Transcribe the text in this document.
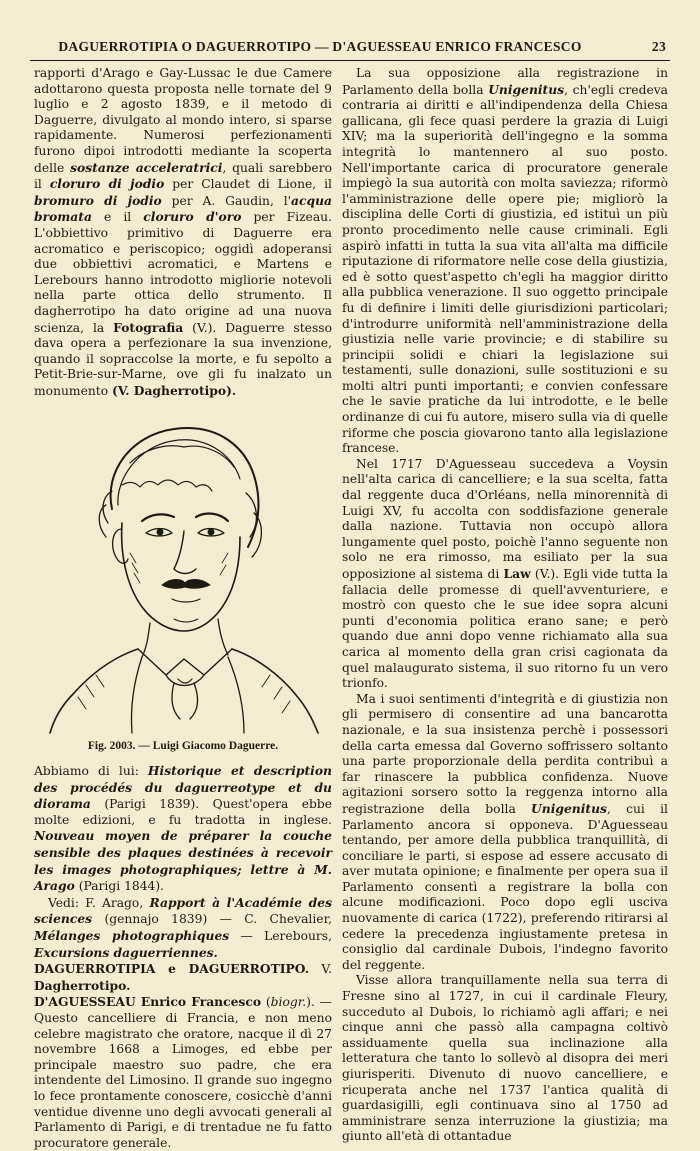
DAGUERROTIPIA O DAGUERROTIPO — D'AGUESSEAU ENRICO FRANCESCO	23

rapporti d'Arago e Gay-Lussac le due Camere adottarono questa proposta nelle tornate del 9 luglio e 2 agosto 1839, e il metodo di Daguerre, divulgato al mondo intero, si sparse rapidamente. Numerosi perfezionamenti furono dipoi introdotti mediante la scoperta delle sostanze acceleratrici, quali sarebbero il cloruro di jodio per Claudet di Lione, il bromuro di jodio per A. Gaudin, l'acqua bromata e il cloruro d'oro per Fizeau. L'obbiettivo primitivo di Daguerre era acromatico e periscopico; oggidì adoperansi due obbiettivi acromatici, e Martens e Lerebours hanno introdotto migliorie notevoli nella parte ottica dello strumento. Il dagherrotipo ha dato origine ad una nuova scienza, la Fotografia (V.). Daguerre stesso dava opera a perfezionare la sua invenzione, quando il sopraccolse la morte, e fu sepolto a Petit-Brie-sur-Marne, ove gli fu inalzato un monumento (V. Dagherrotipo).

Fig. 2003. — Luigi Giacomo Daguerre.

Abbiamo di lui: Historique et description des procédés du daguerreotype et du diorama (Parigi 1839). Quest'opera ebbe molte edizioni, e fu tradotta in inglese. Nouveau moyen de préparer la couche sensible des plaques destinées à recevoir les images photographiques; lettre à M. Arago (Parigi 1844).

Vedi: F. Arago, Rapport à l'Académie des sciences (gennajo 1839) — C. Chevalier, Mélanges photographiques — Lerebours, Excursions daguerriennes.

DAGUERROTIPIA e DAGUERROTIPO. V. Dagherrotipo.

D'AGUESSEAU Enrico Francesco (biogr.). — Questo cancelliere di Francia, e non meno celebre magistrato che oratore, nacque il dì 27 novembre 1668 a Limoges, ed ebbe per principale maestro suo padre, che era intendente del Limosino. Il grande suo ingegno lo fece prontamente conoscere, cosicchè d'anni ventidue divenne uno degli avvocati generali al Parlamento di Parigi, e di trentadue ne fu fatto procuratore generale.

La sua opposizione alla registrazione in Parlamento della bolla Unigenitus, ch'egli credeva contraria ai diritti e all'indipendenza della Chiesa gallicana, gli fece quasi perdere la grazia di Luigi XIV; ma la superiorità dell'ingegno e la somma integrità lo mantennero al suo posto. Nell'importante carica di procuratore generale impiegò la sua autorità con molta saviezza; riformò l'amministrazione delle opere pie; migliorò la disciplina delle Corti di giustizia, ed istituì un più pronto procedimento nelle cause criminali. Egli aspirò infatti in tutta la sua vita all'alta ma difficile riputazione di riformatore nelle cose della giustizia, ed è sotto quest'aspetto ch'egli ha maggior diritto alla pubblica venerazione. Il suo oggetto principale fu di definire i limiti delle giurisdizioni particolari; d'introdurre uniformità nell'amministrazione della giustizia nelle varie provincie; e di stabilire su principii solidi e chiari la legislazione sui testamenti, sulle donazioni, sulle sostituzioni e su molti altri punti importanti; e convien confessare che le savie pratiche da lui introdotte, e le belle ordinanze di cui fu autore, misero sulla via di quelle riforme che poscia giovarono tanto alla legislazione francese.

Nel 1717 D'Aguesseau succedeva a Voysin nell'alta carica di cancelliere; e la sua scelta, fatta dal reggente duca d'Orléans, nella minorennità di Luigi XV, fu accolta con soddisfazione generale dalla nazione. Tuttavia non occupò allora lungamente quel posto, poichè l'anno seguente non solo ne era rimosso, ma esiliato per la sua opposizione al sistema di Law (V.). Egli vide tutta la fallacia delle promesse di quell'avventuriere, e mostrò con questo che le sue idee sopra alcuni punti d'economia politica erano sane; e però quando due anni dopo venne richiamato alla sua carica al momento della gran crisi cagionata da quel malaugurato sistema, il suo ritorno fu un vero trionfo.

Ma i suoi sentimenti d'integrità e di giustizia non gli permisero di consentire ad una bancarotta nazionale, e la sua insistenza perchè i possessori della carta emessa dal Governo soffrissero soltanto una parte proporzionale della perdita contribuì a far rinascere la pubblica confidenza. Nuove agitazioni sorsero sotto la reggenza intorno alla registrazione della bolla Unigenitus, cui il Parlamento ancora si opponeva. D'Aguesseau tentando, per amore della pubblica tranquillità, di conciliare le parti, si espose ad essere accusato di aver mutata opinione; e finalmente per opera sua il Parlamento consentì a registrare la bolla con alcune modificazioni. Poco dopo egli usciva nuovamente di carica (1722), preferendo ritirarsi al cedere la precedenza ingiustamente pretesa in consiglio dal cardinale Dubois, l'indegno favorito del reggente.

Visse allora tranquillamente nella sua terra di Fresne sino al 1727, in cui il cardinale Fleury, succeduto al Dubois, lo richiamò agli affari; e nei cinque anni che passò alla campagna coltivò assiduamente quella sua inclinazione alla letteratura che tanto lo sollevò al disopra dei meri giurisperiti. Divenuto di nuovo cancelliere, e ricuperata anche nel 1737 l'antica qualità di guardasigilli, egli continuava sino al 1750 ad amministrare senza interruzione la giustizia; ma giunto all'età di ottantadue
